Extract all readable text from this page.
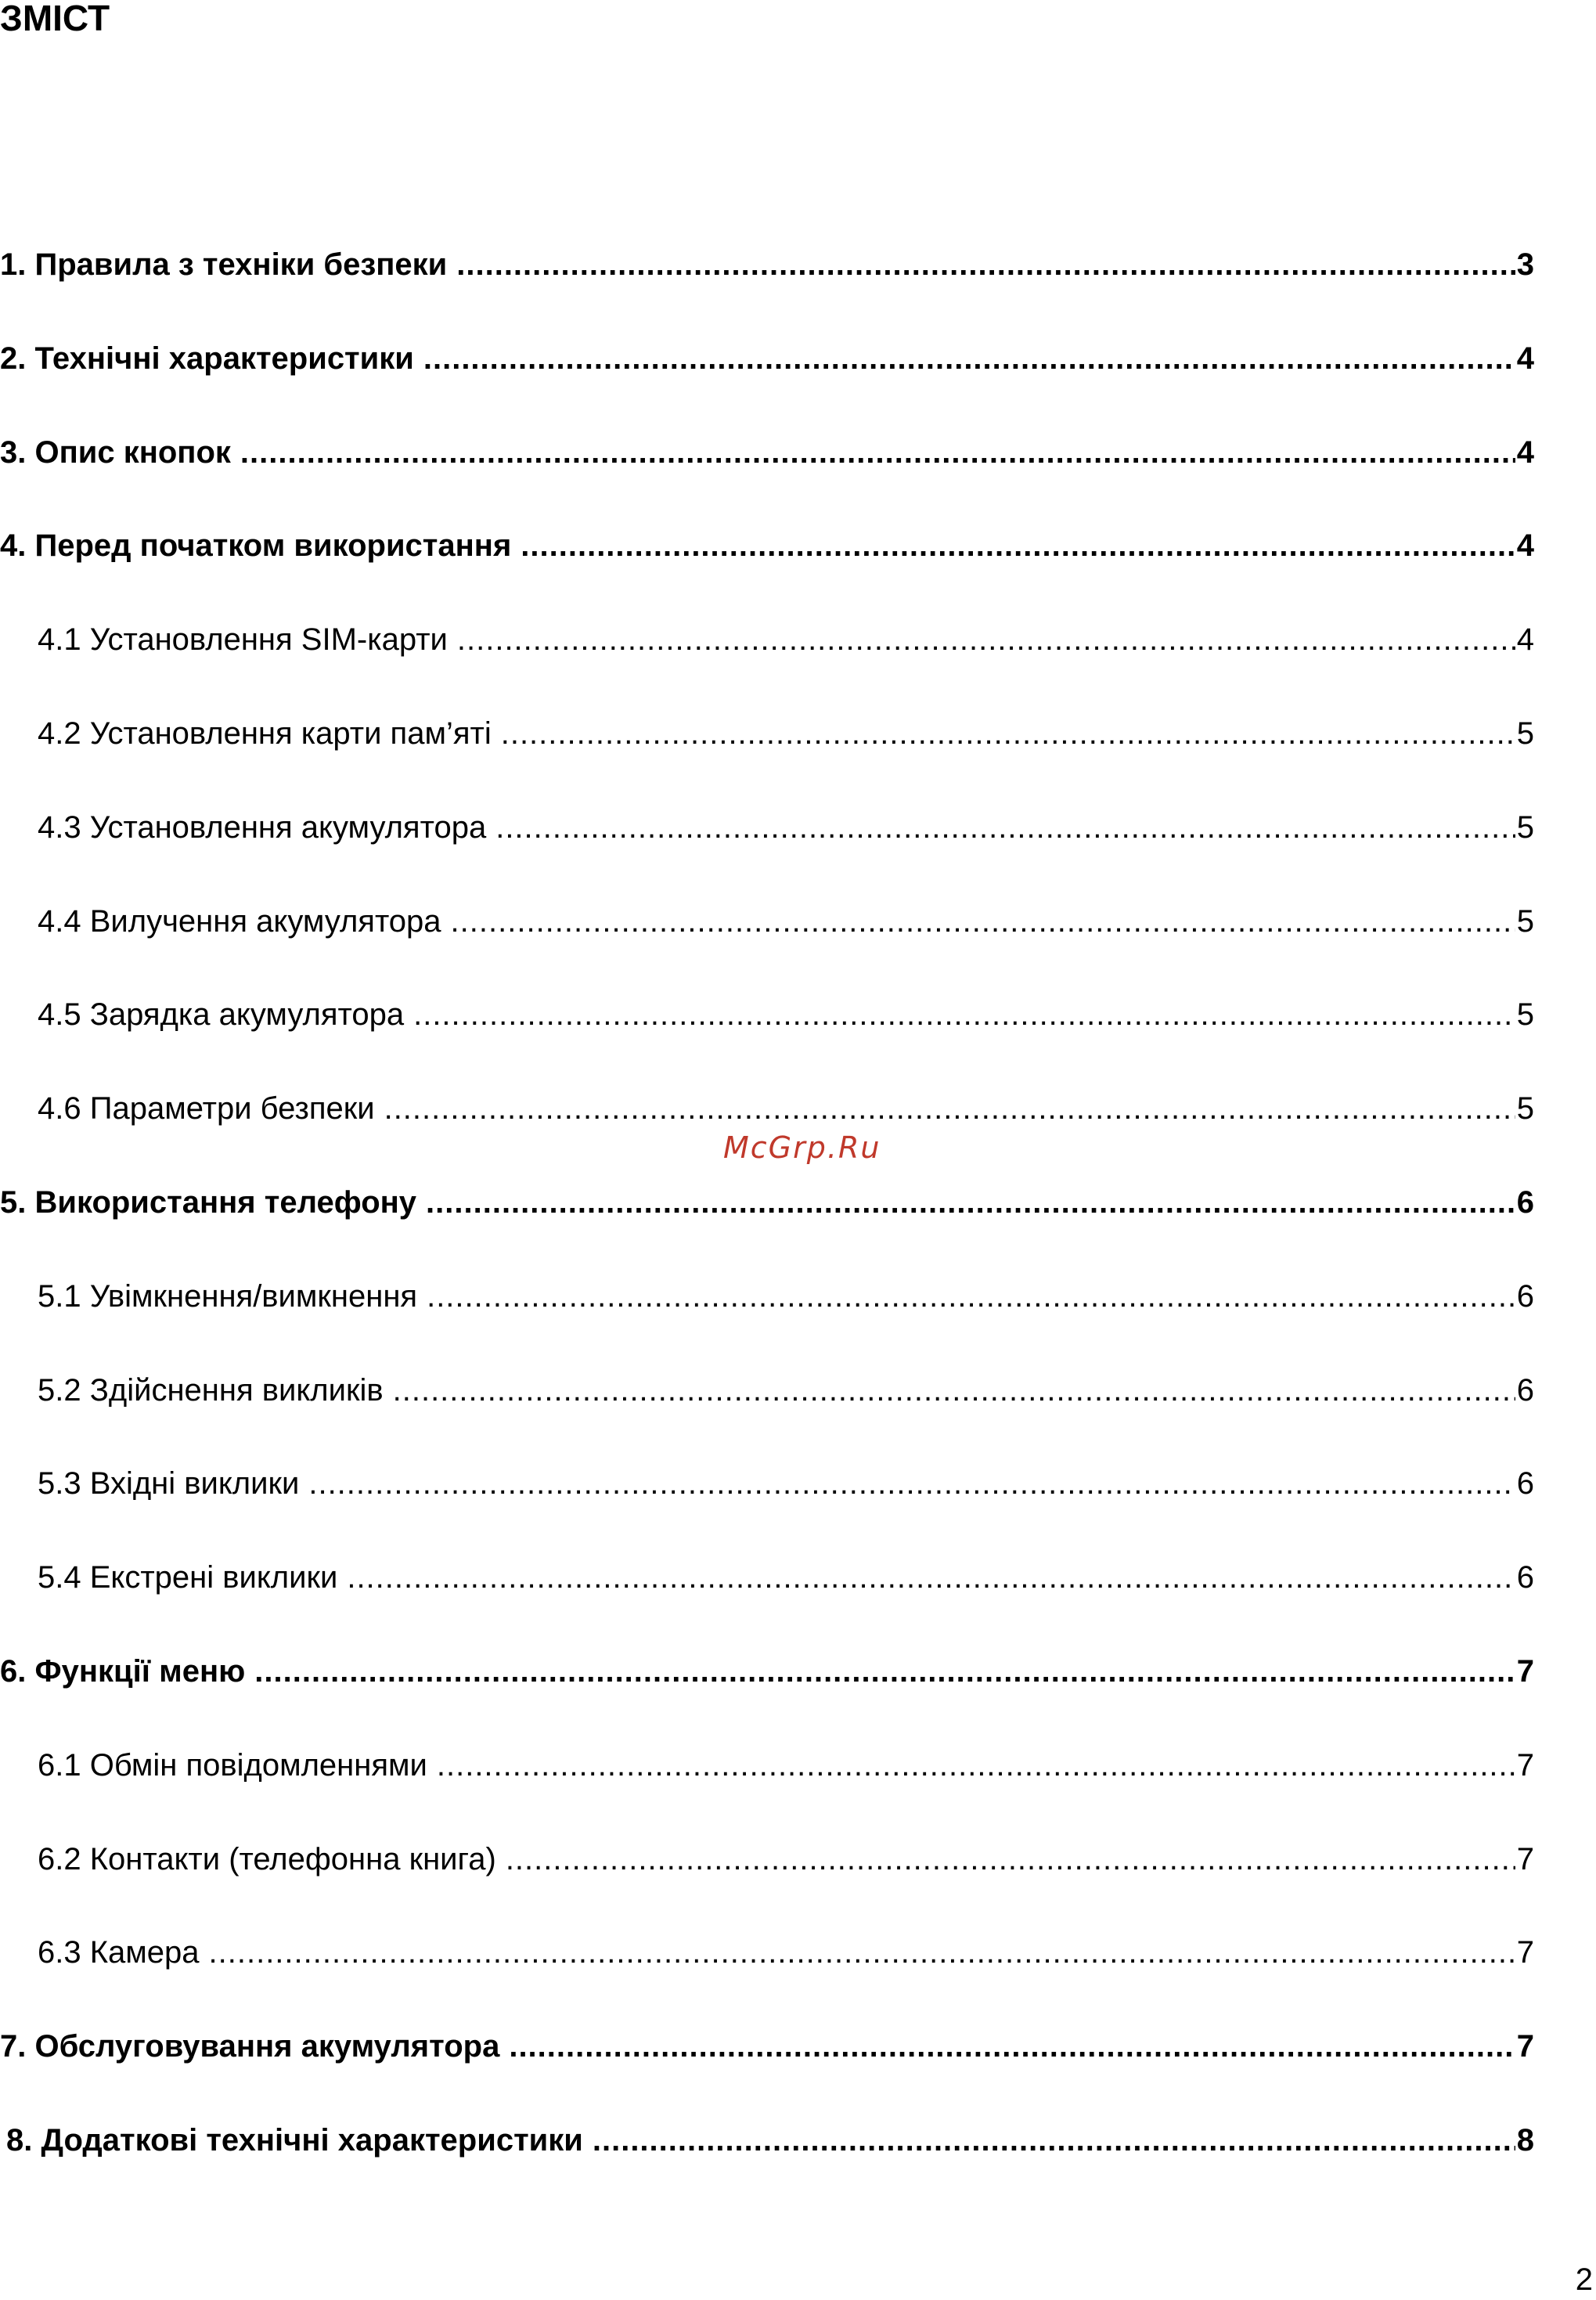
ЗМІСТ
1. Правила з техніки безпеки .....	3
2. Технічні характеристики .....	4
3. Опис кнопок .....	4
4. Перед початком використання .....	4
4.1 Установлення SIM-карти .....	4
4.2 Установлення карти пам’яті .....	5
4.3 Установлення акумулятора .....	5
4.4 Вилучення акумулятора .....	5
4.5 Зарядка акумулятора .....	5
4.6 Параметри безпеки .....	5
5. Використання телефону .....	6
5.1 Увімкнення/вимкнення .....	6
5.2 Здійснення викликів .....	6
5.3 Вхідні виклики .....	6
5.4 Екстрені виклики .....	6
6. Функції меню .....	7
6.1 Обмін повідомленнями .....	7
6.2 Контакти (телефонна книга) .....	7
6.3 Камера .....	7
7. Обслуговування акумулятора .....	7
8. Додаткові технічні характеристики .....	8
McGrp.Ru
2
